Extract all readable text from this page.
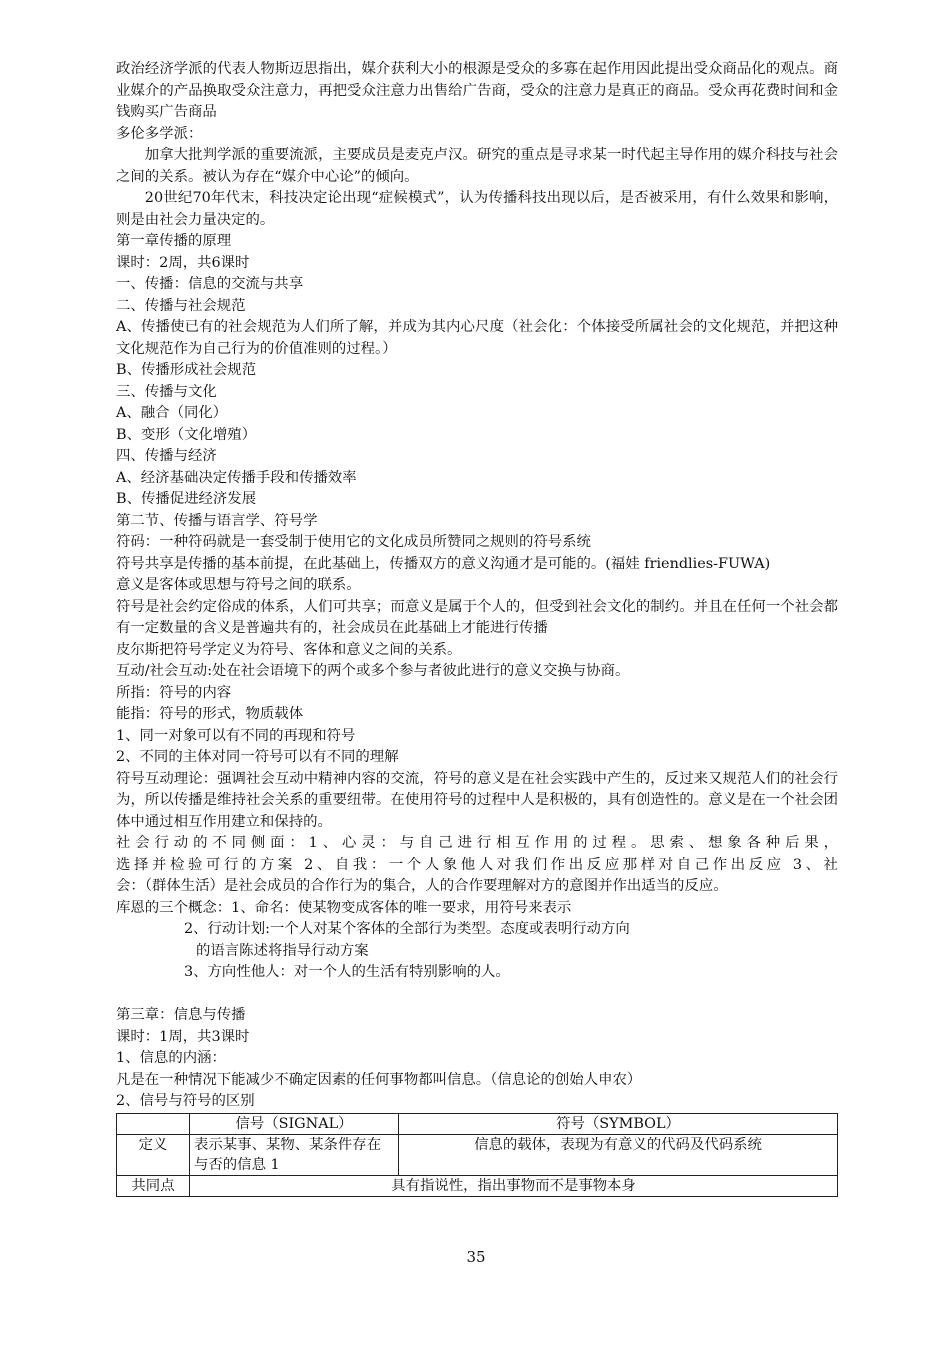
政治经济学派的代表人物斯迈思指出，媒介获利大小的根源是受众的多寡在起作用因此提出受众商品化的观点。商业媒介的产品换取受众注意力，再把受众注意力出售给广告商，受众的注意力是真正的商品。受众再花费时间和金钱购买广告商品

多伦多学派：

加拿大批判学派的重要流派，主要成员是麦克卢汉。研究的重点是寻求某一时代起主导作用的媒介科技与社会之间的关系。被认为存在“媒介中心论”的倾向。

20世纪70年代末，科技决定论出现“症候模式”，认为传播科技出现以后，是否被采用，有什么效果和影响，则是由社会力量决定的。

第一章传播的原理

课时：2周，共6课时

一、传播：信息的交流与共享

二、传播与社会规范

A、传播使已有的社会规范为人们所了解，并成为其内心尺度（社会化：个体接受所属社会的文化规范，并把这种文化规范作为自己行为的价值准则的过程。）

B、传播形成社会规范

三、传播与文化

A、融合（同化）

B、变形（文化增殖）

四、传播与经济

A、经济基础决定传播手段和传播效率

B、传播促进经济发展

第二节、传播与语言学、符号学

符码：一种符码就是一套受制于使用它的文化成员所赞同之规则的符号系统

符号共享是传播的基本前提，在此基础上，传播双方的意义沟通才是可能的。(福娃 friendlies-FUWA)

意义是客体或思想与符号之间的联系。

符号是社会约定俗成的体系，人们可共享；而意义是属于个人的，但受到社会文化的制约。并且在任何一个社会都有一定数量的含义是普遍共有的，社会成员在此基础上才能进行传播

皮尔斯把符号学定义为符号、客体和意义之间的关系。

互动/社会互动:处在社会语境下的两个或多个参与者彼此进行的意义交换与协商。

所指：符号的内容

能指：符号的形式，物质载体

1、同一对象可以有不同的再现和符号

2、不同的主体对同一符号可以有不同的理解

符号互动理论：强调社会互动中精神内容的交流，符号的意义是在社会实践中产生的，反过来又规范人们的社会行为，所以传播是维持社会关系的重要纽带。在使用符号的过程中人是积极的，具有创造性的。意义是在一个社会团体中通过相互作用建立和保持的。

社会行动的不同侧面：1、心灵：与自己进行相互作用的过程。思索、想象各种后果，

选择并检验可行的方案 2、自我：一个人象他人对我们作出反应那样对自己作出反应 3、社

会：（群体生活）是社会成员的合作行为的集合，人的合作要理解对方的意图并作出适当的反应。

库恩的三个概念：1、命名：使某物变成客体的唯一要求，用符号来表示

2、行动计划:一个人对某个客体的全部行为类型。态度或表明行动方向

的语言陈述将指导行动方案

3、方向性他人：对一个人的生活有特别影响的人。

第三章：信息与传播

课时：1周，共3课时

1、信息的内涵：

凡是在一种情况下能减少不确定因素的任何事物都叫信息。（信息论的创始人申农）

2、信号与符号的区别

	信号（SIGNAL）	符号（SYMBOL）
定义	表示某事、某物、某条件存在与否的信息 1	信息的载体，表现为有意义的代码及代码系统
共同点	具有指说性，指出事物而不是事物本身	
35
